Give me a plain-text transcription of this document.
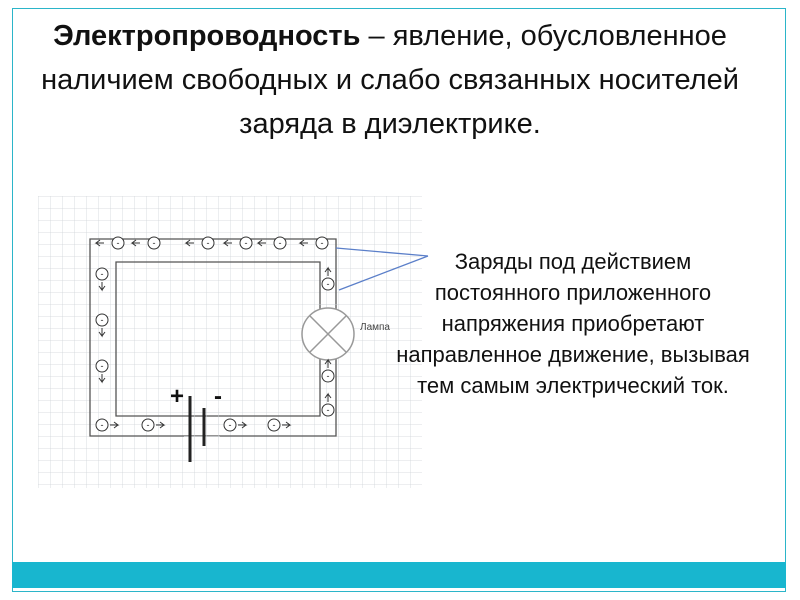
Электропроводность – явление, обусловленное наличием свободных и слабо связанных носителей заряда в диэлектрике.
+ -
Лампа
-	-	-	-	-	-
-
-
-
-
-
-
-	-	-	-
Заряды под действием постоянного приложенного напряжения приобретают направленное движение, вызывая тем самым электрический ток.
